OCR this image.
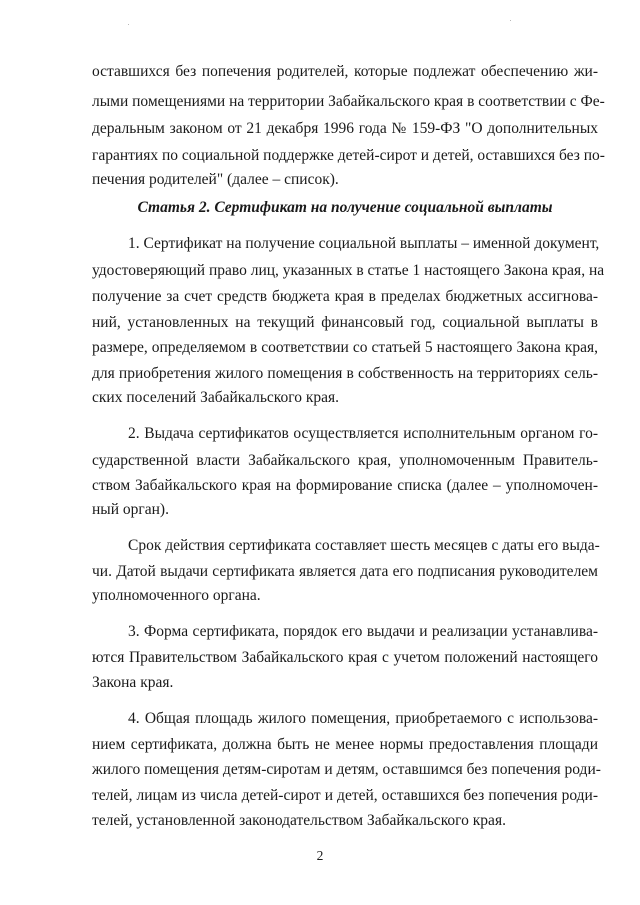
оставшихся без попечения родителей, которые подлежат обеспечению жи-
лыми помещениями на территории Забайкальского края в соответствии с Фе-
деральным законом от 21 декабря 1996 года № 159-ФЗ "О дополнительных
гарантиях по социальной поддержке детей-сирот и детей, оставшихся без по-
печения родителей" (далее – список).
Статья 2. Сертификат на получение социальной выплаты
1. Сертификат на получение социальной выплаты – именной документ,
удостоверяющий право лиц, указанных в статье 1 настоящего Закона края, на
получение за счет средств бюджета края в пределах бюджетных ассигнова-
ний, установленных на текущий финансовый год, социальной выплаты в
размере, определяемом в соответствии со статьей 5 настоящего Закона края,
для приобретения жилого помещения в собственность на территориях сель-
ских поселений Забайкальского края.
2. Выдача сертификатов осуществляется исполнительным органом го-
сударственной власти Забайкальского края, уполномоченным Правитель-
ством Забайкальского края на формирование списка (далее – уполномочен-
ный орган).
Срок действия сертификата составляет шесть месяцев с даты его выда-
чи. Датой выдачи сертификата является дата его подписания руководителем
уполномоченного органа.
3. Форма сертификата, порядок его выдачи и реализации устанавлива-
ются Правительством Забайкальского края с учетом положений настоящего
Закона края.
4. Общая площадь жилого помещения, приобретаемого с использова-
нием сертификата, должна быть не менее нормы предоставления площади
жилого помещения детям-сиротам и детям, оставшимся без попечения роди-
телей, лицам из числа детей-сирот и детей, оставшихся без попечения роди-
телей, установленной законодательством Забайкальского края.
2
